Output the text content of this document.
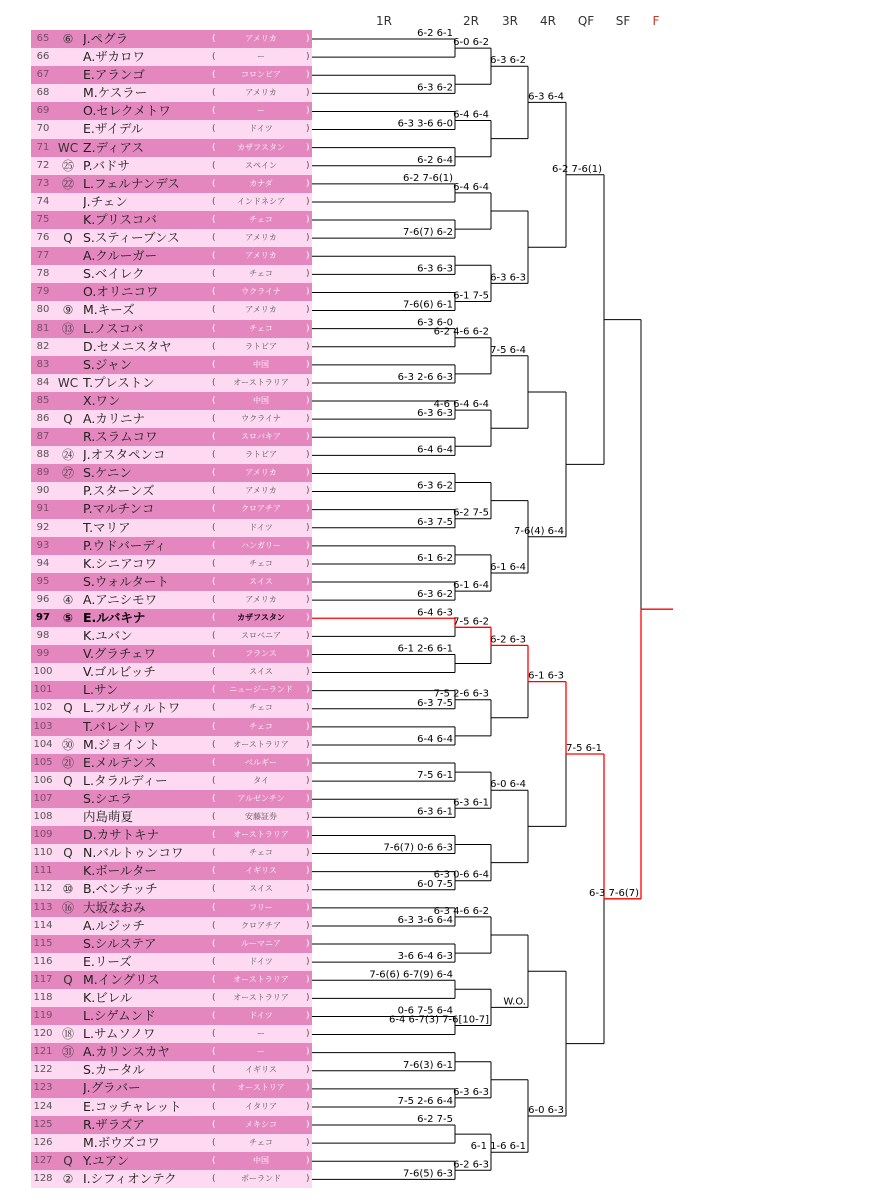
1R	2R	3R	4R	QF	SF	F
65	⑥ J.ペグラ	(	アメリカ	)
66	A.ザカロワ	(	ー	)
67	E.アランゴ	(	コロンビア	)
68	M.ケスラー	(	アメリカ	)
69	O.セレクメトワ	(	ー	)
70	E.ザイデル	(	ドイツ	)
71 WC Z.ディアス	(	カザフスタン	)
72	㉕ P.バドサ	(	スペイン	)
73	㉒ L.フェルナンデス	(	カナダ	)
74	J.チェン	(	インドネシア	)
75	K.プリスコバ	(	チェコ	)
76	Q S.スティーブンス	(	アメリカ	)
77	A.クルーガー	(	アメリカ	)
78	S.ベイレク	(	チェコ	)
79	O.オリニコワ	(	ウクライナ	)
80	⑨ M.キーズ	(	アメリカ	)
81	⑬ L.ノスコバ	(	チェコ	)
82	D.セメニスタヤ	(	ラトビア	)
83	S.ジャン	(	中国	)
84 WC T.プレストン	(	オーストラリア	)
85	X.ワン	(	中国	)
86	Q A.カリニナ	(	ウクライナ	)
87	R.スラムコワ	(	スロバキア	)
88	㉔ J.オスタペンコ	(	ラトビア	)
89	㉗ S.ケニン	(	アメリカ	)
90	P.スターンズ	(	アメリカ	)
91	P.マルチンコ	(	クロアチア	)
92	T.マリア	(	ドイツ	)
93	P.ウドバーディ	(	ハンガリー	)
94	K.シニアコワ	(	チェコ	)
95	S.ウォルタート	(	スイス	)
96	④ A.アニシモワ	(	アメリカ	)
97	⑤ E.ルバキナ	(	カザフスタン	)
98	K.ユバン	(	スロベニア	)
99	V.グラチェワ	(	フランス	)
100 V.ゴルビッチ	(	スイス	)
101 L.サン	(	ニュージーランド	)
102 Q L.フルヴィルトワ	(	チェコ	)
103 T.バレントワ	(	チェコ	)
104 ㉚ M.ジョイント	(	オーストラリア	)
105 ㉑ E.メルテンス	(	ベルギー	)
106 Q L.タラルディー	(	タイ	)
107 S.シエラ	(	アルゼンチン	)
108 内島萌夏	(	安藤証券	)
109 D.カサトキナ	(	オーストラリア	)
110 Q N.バルトゥンコワ	(	チェコ	)
111 K.ボールター	(	イギリス	)
112 ⑩ B.ベンチッチ	(	スイス	)
113 ⑯ 大坂なおみ	(	フリー	)
114 A.ルジッチ	(	クロアチア	)
115 S.シルステア	(	ルーマニア	)
116 E.リーズ	(	ドイツ	)
117 Q M.イングリス	(	オーストラリア	)
118 K.ビレル	(	オーストラリア	)
119 L.シゲムンド	(	ドイツ	)
120 ⑱ L.サムソノワ	(	ー	)
121 ㉛ A.カリンスカヤ	(	ー	)
122 S.カータル	(	イギリス	)
123 J.グラバー	(	オーストリア	)
124 E.コッチャレット	(	イタリア	)
125 R.ザラズア	(	メキシコ	)
126 M.ボウズコワ	(	チェコ	)
127 Q Y.ユアン	(	中国	)
128 ② I.シフィオンテク	(	ポーランド	)
6-2 6-1
6-3 6-2
6-3 3-6 6-0
6-2 6-4
6-2 7-6(1)
7-6(7) 6-2
6-3 6-3
7-6(6) 6-1
6-3 6-0
6-3 2-6 6-3
6-3 6-3
6-4 6-4
6-3 6-2
6-3 7-5
6-1 6-2
6-3 6-2
6-4 6-3
6-1 2-6 6-1
6-3 7-5
6-4 6-4
7-5 6-1
6-3 6-1
7-6(7) 0-6 6-3
6-0 7-5
6-3 3-6 6-4
3-6 6-4 6-3
7-6(6) 6-7(9) 6-4
0-6 7-5 6-4
7-6(3) 6-1
7-5 2-6 6-4
6-2 7-5
7-6(5) 6-3
6-0 6-2
6-4 6-4
6-4 6-4
6-1 7-5
6-2 4-6 6-2
4-6 6-4 6-4
6-2 7-5
6-1 6-4
7-5 6-2
7-5 2-6 6-3
6-3 6-1
6-3 0-6 6-4
6-3 4-6 6-2
6-4 6-7(3) 7-6[10-7]
6-3 6-3
6-2 6-3
6-3 6-2
6-3 6-3
7-5 6-4
6-1 6-4
6-2 6-3
6-0 6-4
W.O.
6-1 1-6 6-1
6-3 6-4
7-6(4) 6-4
6-1 6-3
6-0 6-3
6-2 7-6(1)
7-5 6-1
6-3 7-6(7)
